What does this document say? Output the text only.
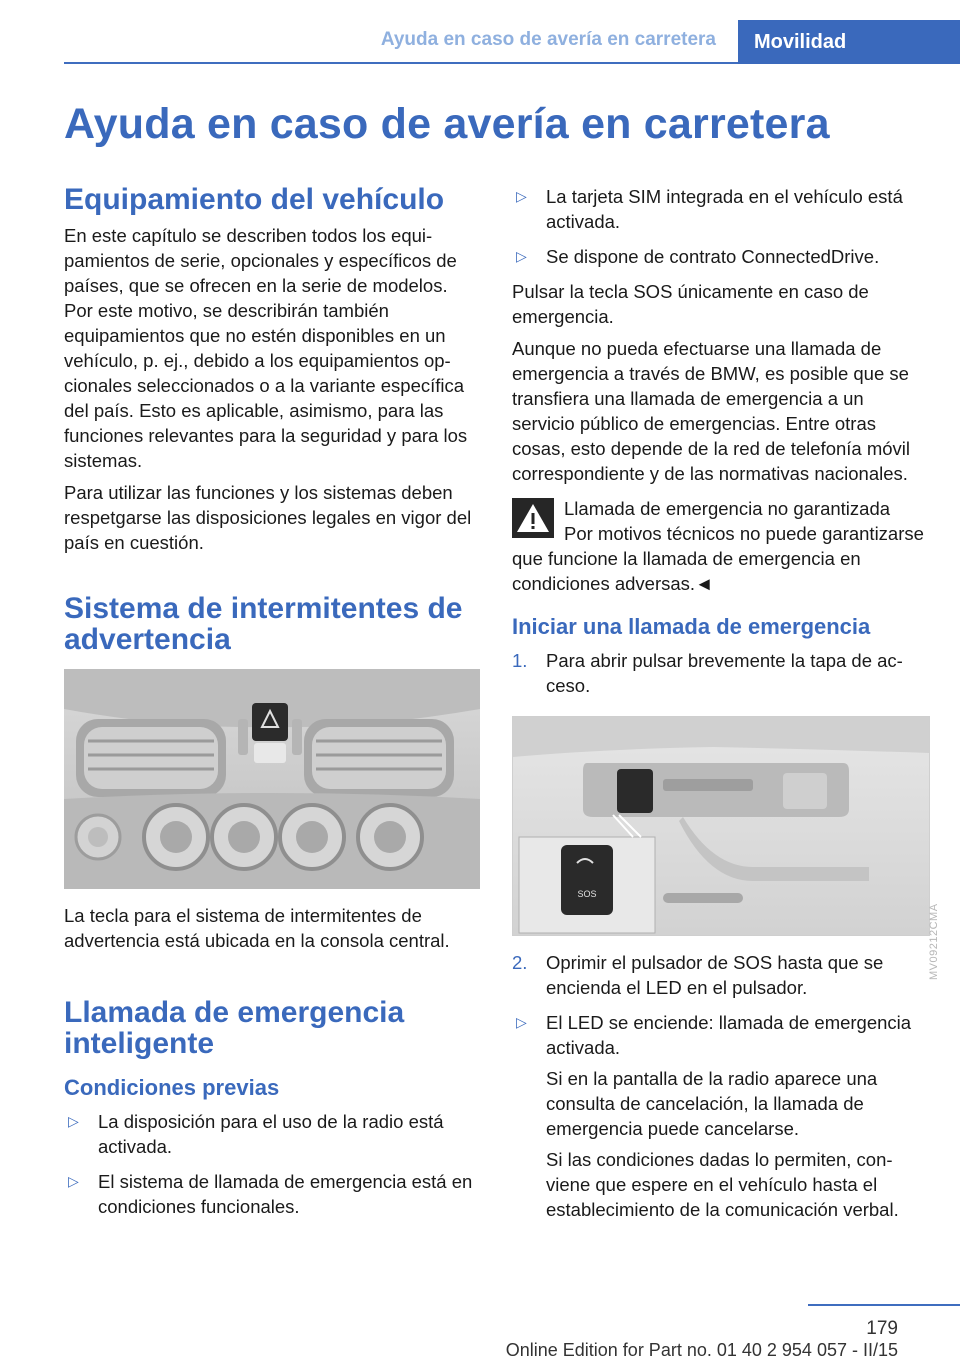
Ayuda en caso de avería en carretera	Movilidad
Ayuda en caso de avería en carretera
Equipamiento del vehículo

En este capítulo se describen todos los equipamientos de serie, opcionales y específicos de países, que se ofrecen en la serie de modelos. Por este motivo, se describirán también equipamientos que no estén disponibles en un vehículo, p. ej., debido a los equipamientos opcionales seleccionados o a la variante específica del país. Esto es aplicable, asimismo, para las funciones relevantes para la seguridad y para los sistemas.

Para utilizar las funciones y los sistemas deben respetgarse las disposiciones legales en vigor del país en cuestión.

Sistema de intermitentes de advertencia

La tecla para el sistema de intermitentes de advertencia está ubicada en la consola central.

Llamada de emergencia inteligente
Condiciones previas
▷ La disposición para el uso de la radio está activada.
▷ El sistema de llamada de emergencia está en condiciones funcionales.
▷ La tarjeta SIM integrada en el vehículo está activada.
▷ Se dispone de contrato ConnectedDrive.

Pulsar la tecla SOS únicamente en caso de emergencia.

Aunque no pueda efectuarse una llamada de emergencia a través de BMW, es posible que se transfiera una llamada de emergencia a un servicio público de emergencias. Entre otras cosas, esto depende de la red de telefonía móvil correspondiente y de las normativas nacionales.

Llamada de emergencia no garantizada

Por motivos técnicos no puede garantizarse que funcione la llamada de emergencia en condiciones adversas.◄

Iniciar una llamada de emergencia
1. Para abrir pulsar brevemente la tapa de acceso.
SOS
2. Oprimir el pulsador de SOS hasta que se encienda el LED en el pulsador.
▷ El LED se enciende: llamada de emergencia activada.

Si en la pantalla de la radio aparece una consulta de cancelación, la llamada de emergencia puede cancelarse.

Si las condiciones dadas lo permiten, conviene que espere en el vehículo hasta el establecimiento de la comunicación verbal.

MV09212CMA
179
Online Edition for Part no. 01 40 2 954 057 - II/15
